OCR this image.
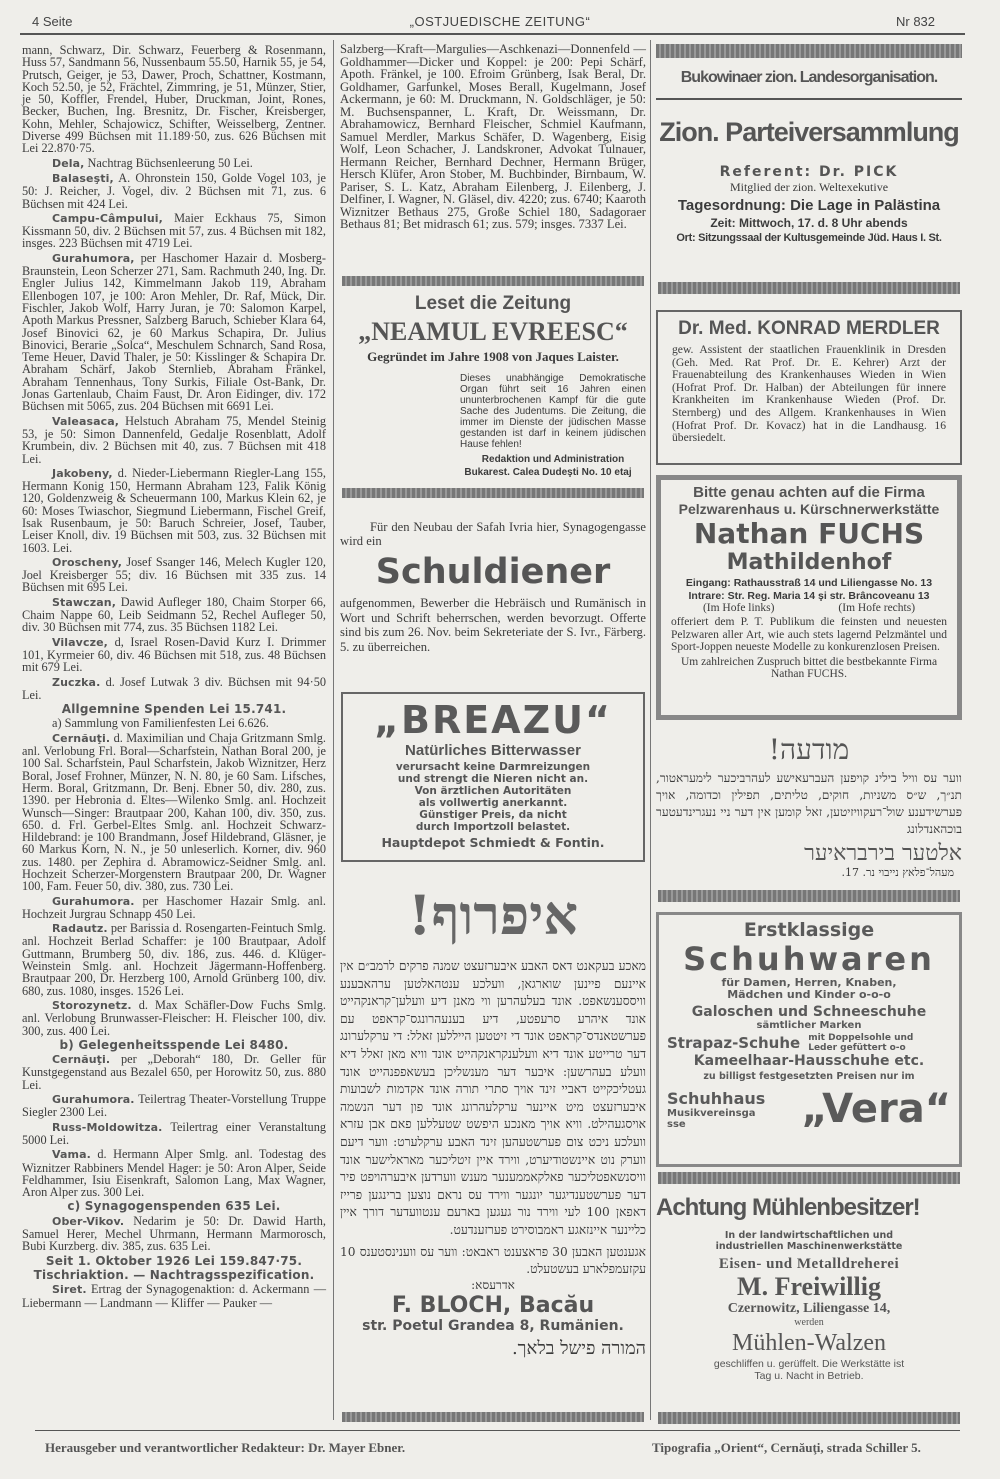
4 Seite	„OSTJUEDISCHE ZEITUNG“	Nr 832

mann, Schwarz, Dir. Schwarz, Feuerberg & Rosenmann, Huss 57, Sandmann 56, Nussenbaum 55.50, Harnik 55, je 54, Prutsch, Geiger, je 53, Dawer, Proch, Schattner, Kostmann, Koch 52.50, je 52, Frächtel, Zimmring, je 51, Münzer, Stier, je 50, Koffler, Frendel, Huber, Druckman, Joint, Rones, Becker, Buchen, Ing. Bresnitz, Dr. Fischer, Kreisberger, Kohn, Mehler, Schajowicz, Schifter, Weisselberg, Zentner. Diverse 499 Büchsen mit 11.189·50, zus. 626 Büchsen mit Lei 22.870·75.

Dela, Nachtrag Büchsenleerung 50 Lei.

Balaseşti, A. Ohronstein 150, Golde Vogel 103, je 50: J. Reicher, J. Vogel, div. 2 Büchsen mit 71, zus. 6 Büchsen mit 424 Lei.

Campu-Câmpului, Maier Eckhaus 75, Simon Kissmann 50, div. 2 Büchsen mit 57, zus. 4 Büchsen mit 182, insges. 223 Büchsen mit 4719 Lei.

Gurahumora, per Haschomer Hazair d. Mosberg-Braunstein, Leon Scherzer 271, Sam. Rachmuth 240, Ing. Dr. Engler Julius 142, Kimmelmann Jakob 119, Abraham Ellenbogen 107, je 100: Aron Mehler, Dr. Raf, Mück, Dir. Fischler, Jakob Wolf, Harry Juran, je 70: Salomon Karpel, Apoth Markus Pressner, Salzberg Baruch, Schieber Klara 64, Josef Binovici 62, je 60 Markus Schapira, Dr. Julius Binovici, Berarie „Solca“, Meschulem Schnarch, Sand Rosa, Teme Heuer, David Thaler, je 50: Kisslinger & Schapira Dr. Abraham Schärf, Jakob Sternlieb, Abraham Fränkel, Abraham Tennenhaus, Tony Surkis, Filiale Ost-Bank, Dr. Jonas Gartenlaub, Chaim Faust, Dr. Aron Eidinger, div. 172 Büchsen mit 5065, zus. 204 Büchsen mit 6691 Lei.

Valeasaca, Helstuch Abraham 75, Mendel Steinig 53, je 50: Simon Dannenfeld, Gedalje Rosenblatt, Adolf Krumbein, div. 2 Büchsen mit 40, zus. 7 Büchsen mit 418 Lei.

Jakobeny, d. Nieder-Liebermann Riegler-Lang 155, Hermann Konig 150, Hermann Abraham 123, Falik König 120, Goldenzweig & Scheuermann 100, Markus Klein 62, je 60: Moses Twiaschor, Siegmund Liebermann, Fischel Greif, Isak Rusenbaum, je 50: Baruch Schreier, Josef, Tauber, Leiser Knoll, div. 19 Büchsen mit 503, zus. 32 Büchsen mit 1603. Lei.

Oroscheny, Josef Ssanger 146, Melech Kugler 120, Joel Kreisberger 55; div. 16 Büchsen mit 335 zus. 14 Büchsen mit 695 Lei.

Stawczan, Dawid Aufleger 180, Chaim Storper 66, Chaim Nappe 60, Leib Seidmann 52, Rechel Aufleger 50, div. 30 Büchsen mit 774, zus. 35 Büchsen 1182 Lei.

Vilavcze, d, Israel Rosen-David Kurz I. Drimmer 101, Kyrmeier 60, div. 46 Büchsen mit 518, zus. 48 Büchsen mit 679 Lei.

Zuczka. d. Josef Lutwak 3 div. Büchsen mit 94·50 Lei.

Allgemnine Spenden Lei 15.741.

a) Sammlung von Familienfesten Lei 6.626.

Cernăuţi. d. Maximilian und Chaja Gritzmann Smlg. anl. Verlobung Frl. Boral—Scharfstein, Nathan Boral 200, je 100 Sal. Scharfstein, Paul Scharfstein, Jakob Wiznitzer, Herz Boral, Josef Frohner, Münzer, N. N. 80, je 60 Sam. Lifsches, Herm. Boral, Gritzmann, Dr. Benj. Ebner 50, div. 280, zus. 1390. per Hebronia d. Eltes—Wilenko Smlg. anl. Hochzeit Wunsch—Singer: Brautpaar 200, Kahan 100, div. 350, zus. 650. d. Frl. Gerbel-Eltes Smlg. anl. Hochzeit Schwarz-Hildebrand: je 100 Brandmann, Josef Hildebrand, Gläsner, je 60 Markus Korn, N. N., je 50 unleserlich. Korner, div. 960 zus. 1480. per Zephira d. Abramowicz-Seidner Smlg. anl. Hochzeit Scherzer-Morgenstern Brautpaar 200, Dr. Wagner 100, Fam. Feuer 50, div. 380, zus. 730 Lei.

Gurahumora. per Haschomer Hazair Smlg. anl. Hochzeit Jurgrau Schnapp 450 Lei.

Radautz. per Barissia d. Rosengarten-Feintuch Smlg. anl. Hochzeit Berlad Schaffer: je 100 Brautpaar, Adolf Guttmann, Brumberg 50, div. 186, zus. 446. d. Klüger-Weinstein Smlg. anl. Hochzeit Jägermann-Hoffenberg. Brautpaar 200, Dr. Herzberg 100, Arnold Grünberg 100, div. 680, zus. 1080, insges. 1526 Lei.

Storozynetz. d. Max Schäfler-Dow Fuchs Smlg. anl. Verlobung Brunwasser-Fleischer: H. Fleischer 100, div. 300, zus. 400 Lei.

b) Gelegenheitsspende Lei 8480.

Cernăuţi. per „Deborah“ 180, Dr. Geller für Kunstgegenstand aus Bezalel 650, per Horowitz 50, zus. 880 Lei.

Gurahumora. Teilertrag Theater-Vorstellung Truppe Siegler 2300 Lei.

Russ-Moldowitza. Teilertrag einer Veranstaltung 5000 Lei.

Vama. d. Hermann Alper Smlg. anl. Todestag des Wiznitzer Rabbiners Mendel Hager: je 50: Aron Alper, Seide Feldhammer, Isiu Eisenkraft, Salomon Lang, Max Wagner, Aron Alper zus. 300 Lei.

c) Synagogenspenden 635 Lei.

Ober-Vikov. Nedarim je 50: Dr. Dawid Harth, Samuel Herer, Mechel Uhrmann, Hermann Marmorosch, Bubi Kurzberg. div. 385, zus. 635 Lei.

Seit 1. Oktober 1926 Lei 159.847·75.

Tischriaktion. — Nachtragsspezification.

Siret. Ertrag der Synagogenaktion: d. Ackermann — Liebermann — Landmann — Kliffer — Pauker —

Salzberg—Kraft—Margulies—Aschkenazi—Donnenfeld —Goldhammer—Dicker und Koppel: je 200: Pepi Schärf, Apoth. Fränkel, je 100. Efroim Grünberg, Isak Beral, Dr. Goldhamer, Garfunkel, Moses Berall, Kugelmann, Josef Ackermann, je 60: M. Druckmann, N. Goldschläger, je 50: M. Buchsenspanner, L. Kraft, Dr. Weissmann, Dr. Abrahamowicz, Bernhard Fleischer, Schmiel Kaufmann, Samuel Merdler, Markus Schäfer, D. Wagenberg, Eisig Wolf, Leon Schacher, J. Landskroner, Advokat Tulnauer, Hermann Reicher, Bernhard Dechner, Hermann Brüger, Hersch Klüfer, Aron Stober, M. Buchbinder, Birnbaum, W. Pariser, S. L. Katz, Abraham Eilenberg, J. Eilenberg, J. Delfiner, I. Wagner, N. Gläsel, div. 4220; zus. 6740; Kaaroth Wiznitzer Bethaus 275, Große Schiel 180, Sadagoraer Bethaus 81; Bet midrasch 61; zus. 579; insges. 7337 Lei.

Leset die Zeitung
„NEAMUL EVREESC“
Gegründet im Jahre 1908 von Jaques Laister.
Dieses unabhängige Demokratische Organ führt seit 16 Jahren einen ununterbrochenen Kampf für die gute Sache des Judentums. Die Zeitung, die immer im Dienste der jüdischen Masse gestanden ist darf in keinem jüdischen Hause fehlen!
Redaktion und Administration
Bukarest. Calea Dudeşti No. 10 etaj
Für den Neubau der Safah Ivria hier, Synagogengasse wird ein
Schuldiener
aufgenommen, Bewerber die Hebräisch und Rumänisch in Wort und Schrift beherrschen, werden bevorzugt. Offerte sind bis zum 26. Nov. beim Sekreteriate der S. Ivr., Färberg. 5. zu überreichen.
„BREAZU“
Natürliches Bitterwasser
verursacht keine Darmreizungen
und strengt die Nieren nicht an.
Von ärztlichen Autoritäten
als vollwertig anerkannt.
Günstiger Preis, da nicht
durch Importzoll belastet.
Hauptdepot Schmiedt & Fontin.
איפרוף!
מאכע בעקאנט דאס האבע איבערזעצט שמנה פרקים לרמב״ם אין איינעם פיינען שוארגאן, וועלכע ענטהאלטען ערהאבענע וויססענשאפט. אונד בעלעהרען ווי מאנן דיע וועלען־קראנקהייט אונד איהרע סרעפטע, דיע בענעהרונגס־קראפט עם פערשטאנדס־קראפט אונד די זיטטען הייללען זאלל: די ערקלערונג דער טרייטע אונד דיא וועלענקראנקהייט אונד וויא מאן זאלל דיא וועלע בעהרשען: איבער דער מענשליכן בעשאפפנהייט אונד געטליכקייט דאביי זינד אויך סתרי תורה אונד אקדמות לשבועות איבערזעצט מיט איינער ערקלעהרונג אונד פון דער הנשמה אויסגעהילט. וויא אויך מאנכע היפשט שטעללען פאם אבן עזרא וועלכע ניכט צום פערשטעהען זינד האבע ערקלערט: ווער דיעם ווערק נוט איינשטודיערט, ווירד איין זיטליכער מאראלישער אונד וויסנשאפטליכער פאלקאממענער מענש ווערדען איבערהויפט פיר דער פערשטענדיגער יונגער ווירד עס נראם נוצען ברינגען פרייז דאפאן 100 לעי ווירד נור געגען בארעם ענטוועדער דורך איין כליינער איינזאגע ראמבוסירט פערזענדעט.
אגענטען האבען 30 פראצענט ראבאט: ווער עס ווענינסטענס 10 עקזעמפלארע בעשטעלט.
אדרעסא:
F. BLOCH, Bacău
str. Poetul Grandea 8, Rumänien.
המורה פישל בלאך.
Bukowinaer zion. Landesorganisation.
Zion. Parteiversammlung
Referent: Dr. PICK
Mitglied der zion. Weltexekutive
Tagesordnung: Die Lage in Palästina
Zeit: Mittwoch, 17. d. 8 Uhr abends
Ort: Sitzungssaal der Kultusgemeinde Jüd. Haus I. St.
Dr. Med. KONRAD MERDLER
gew. Assistent der staatlichen Frauenklinik in Dresden (Geh. Med. Rat Prof. Dr. E. Kehrer) Arzt der Frauenabteilung des Krankenhauses Wieden in Wien (Hofrat Prof. Dr. Halban) der Abteilungen für innere Krankheiten im Krankenhause Wieden (Prof. Dr. Sternberg) und des Allgem. Krankenhauses in Wien (Hofrat Prof. Dr. Kovacz) hat in die Landhausg. 16 übersiedelt.
Bitte genau achten auf die Firma
Pelzwarenhaus u. Kürschnerwerkstätte
Nathan FUCHS
Mathildenhof
Eingang: Rathausstraß 14 und Liliengasse No. 13
Intrare: Str. Reg. Maria 14 şi str. Brâncoveanu 13
(Im Hofe links)	(Im Hofe rechts)
offeriert dem P. T. Publikum die feinsten und neuesten Pelzwaren aller Art, wie auch stets lagernd Pelzmäntel und Sport-Joppen neueste Modelle zu konkurenzlosen Preisen.
Um zahlreichen Zuspruch bittet die bestbekannte Firma Nathan FUCHS.
מודעה!
ווער עס וויל בילינ קויפען העברעאישע לעהרביכער לימעראטור, תנ״ך, ש״ס משניות, חוקים, טליתים, תפילין וכדומה, אויך פערשידענע שול־רעקוויזיטען, זאל קומען אין דער ניי נעגרינדעטער בוכהאנדלונג
אלטער בירבראיער
מעהל־פלאץ נייבוי נר. 17.
Erstklassige
Schuhwaren
für Damen, Herren, Knaben,
Mädchen und Kinder o-o-o
Galoschen und Schneeschuhe
sämtlicher Marken
Strapaz-Schuhe mit Doppelsohle und Leder gefüttert o-o
Kameelhaar-Hausschuhe etc.
zu billigst festgesetzten Preisen nur im
Schuhhaus
Musikvereinsgasse	„Vera“
Achtung Mühlenbesitzer!
In der landwirtschaftlichen und industriellen Maschinenwerkstätte
Eisen- und Metalldreherei
M. Freiwillig
Czernowitz, Liliengasse 14,
werden
Mühlen-Walzen
geschliffen u. gerüffelt. Die Werkstätte ist Tag u. Nacht in Betrieb.
Herausgeber und verantwortlicher Redakteur: Dr. Mayer Ebner.	Tipografia „Orient“, Cernăuţi, strada Schiller 5.
